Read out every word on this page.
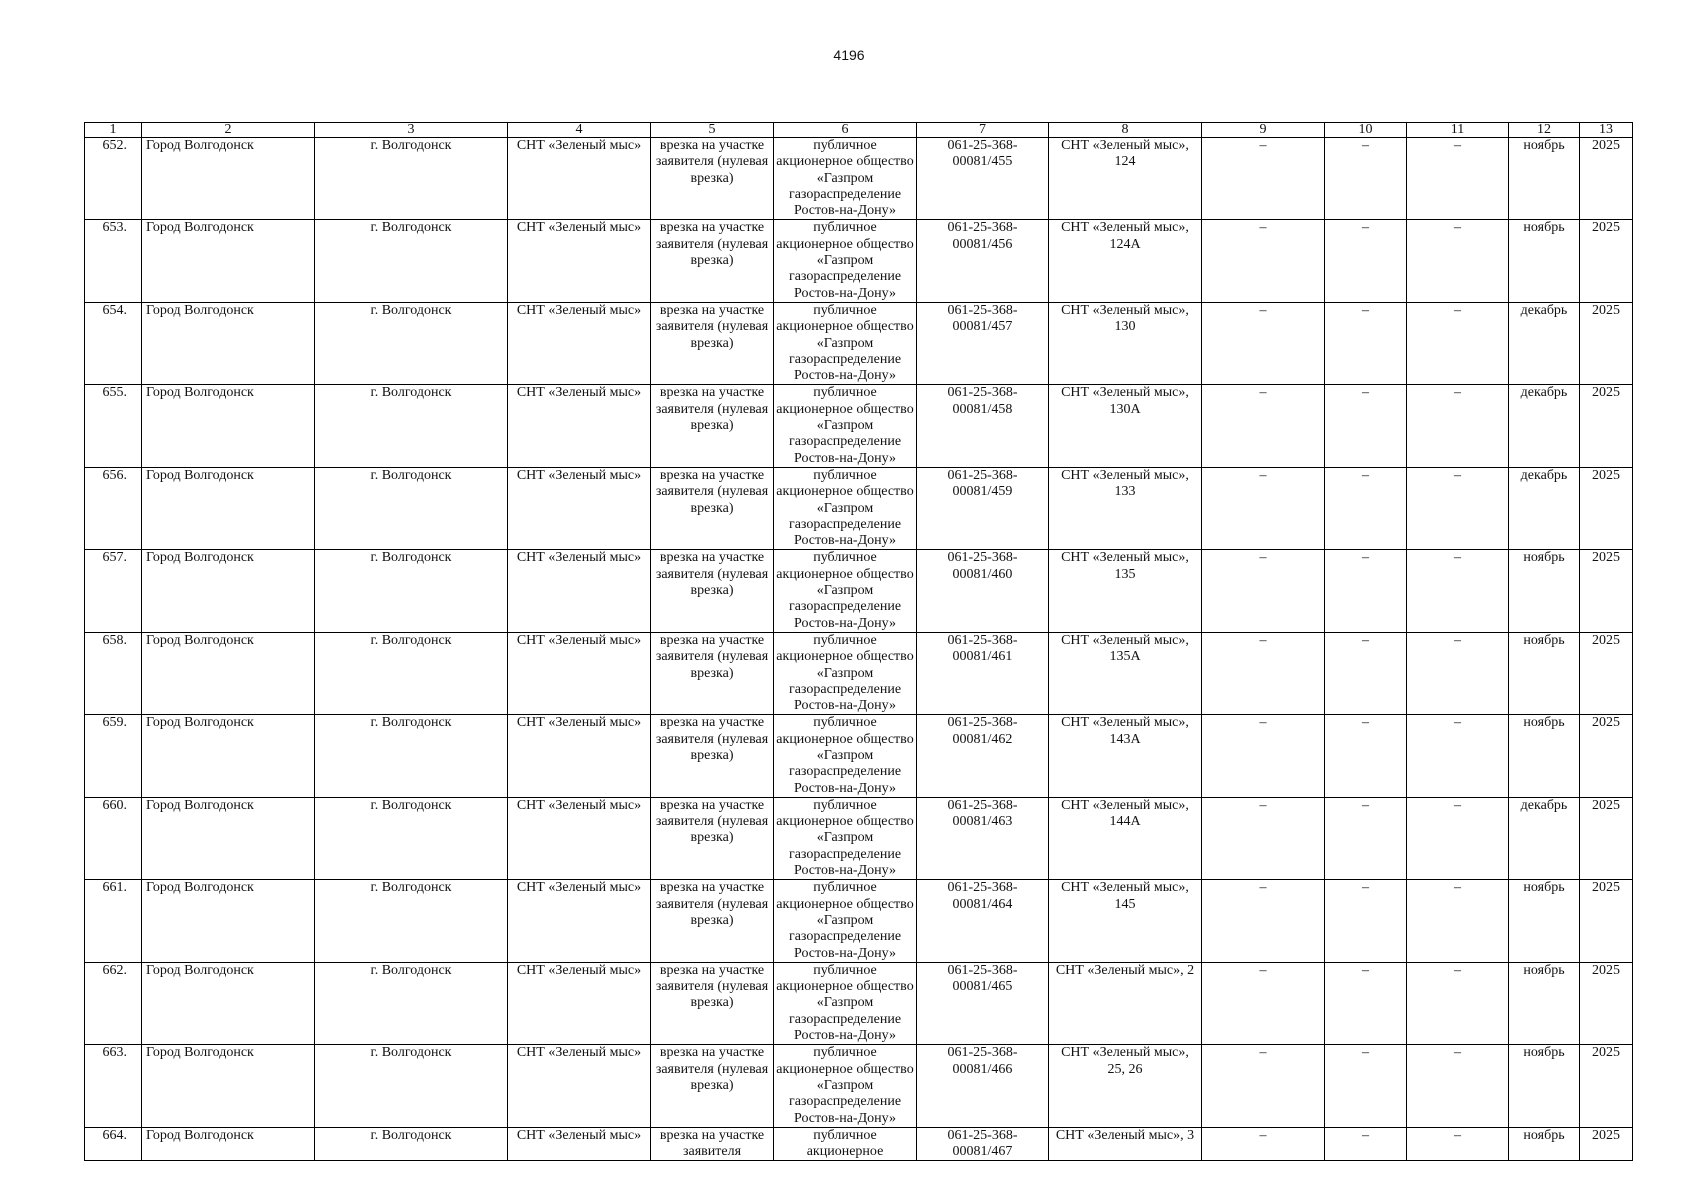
4196
1	2	3	4	5	6	7	8	9	10	11	12	13
652.	Город Волгодонск	г. Волгодонск	СНТ «Зеленый мыс»	врезка на участке заявителя (нулевая врезка)	публичное акционерное общество «Газпром газораспределение Ростов-на-Дону»	061-25-368-00081/455	СНТ «Зеленый мыс», 124	–	–	–	ноябрь	2025
653.	Город Волгодонск	г. Волгодонск	СНТ «Зеленый мыс»	врезка на участке заявителя (нулевая врезка)	публичное акционерное общество «Газпром газораспределение Ростов-на-Дону»	061-25-368-00081/456	СНТ «Зеленый мыс», 124А	–	–	–	ноябрь	2025
654.	Город Волгодонск	г. Волгодонск	СНТ «Зеленый мыс»	врезка на участке заявителя (нулевая врезка)	публичное акционерное общество «Газпром газораспределение Ростов-на-Дону»	061-25-368-00081/457	СНТ «Зеленый мыс», 130	–	–	–	декабрь	2025
655.	Город Волгодонск	г. Волгодонск	СНТ «Зеленый мыс»	врезка на участке заявителя (нулевая врезка)	публичное акционерное общество «Газпром газораспределение Ростов-на-Дону»	061-25-368-00081/458	СНТ «Зеленый мыс», 130А	–	–	–	декабрь	2025
656.	Город Волгодонск	г. Волгодонск	СНТ «Зеленый мыс»	врезка на участке заявителя (нулевая врезка)	публичное акционерное общество «Газпром газораспределение Ростов-на-Дону»	061-25-368-00081/459	СНТ «Зеленый мыс», 133	–	–	–	декабрь	2025
657.	Город Волгодонск	г. Волгодонск	СНТ «Зеленый мыс»	врезка на участке заявителя (нулевая врезка)	публичное акционерное общество «Газпром газораспределение Ростов-на-Дону»	061-25-368-00081/460	СНТ «Зеленый мыс», 135	–	–	–	ноябрь	2025
658.	Город Волгодонск	г. Волгодонск	СНТ «Зеленый мыс»	врезка на участке заявителя (нулевая врезка)	публичное акционерное общество «Газпром газораспределение Ростов-на-Дону»	061-25-368-00081/461	СНТ «Зеленый мыс», 135А	–	–	–	ноябрь	2025
659.	Город Волгодонск	г. Волгодонск	СНТ «Зеленый мыс»	врезка на участке заявителя (нулевая врезка)	публичное акционерное общество «Газпром газораспределение Ростов-на-Дону»	061-25-368-00081/462	СНТ «Зеленый мыс», 143А	–	–	–	ноябрь	2025
660.	Город Волгодонск	г. Волгодонск	СНТ «Зеленый мыс»	врезка на участке заявителя (нулевая врезка)	публичное акционерное общество «Газпром газораспределение Ростов-на-Дону»	061-25-368-00081/463	СНТ «Зеленый мыс», 144А	–	–	–	декабрь	2025
661.	Город Волгодонск	г. Волгодонск	СНТ «Зеленый мыс»	врезка на участке заявителя (нулевая врезка)	публичное акционерное общество «Газпром газораспределение Ростов-на-Дону»	061-25-368-00081/464	СНТ «Зеленый мыс», 145	–	–	–	ноябрь	2025
662.	Город Волгодонск	г. Волгодонск	СНТ «Зеленый мыс»	врезка на участке заявителя (нулевая врезка)	публичное акционерное общество «Газпром газораспределение Ростов-на-Дону»	061-25-368-00081/465	СНТ «Зеленый мыс», 2	–	–	–	ноябрь	2025
663.	Город Волгодонск	г. Волгодонск	СНТ «Зеленый мыс»	врезка на участке заявителя (нулевая врезка)	публичное акционерное общество «Газпром газораспределение Ростов-на-Дону»	061-25-368-00081/466	СНТ «Зеленый мыс», 25, 26	–	–	–	ноябрь	2025
664.	Город Волгодонск	г. Волгодонск	СНТ «Зеленый мыс»	врезка на участке заявителя	публичное акционерное	061-25-368-00081/467	СНТ «Зеленый мыс», 3	–	–	–	ноябрь	2025
